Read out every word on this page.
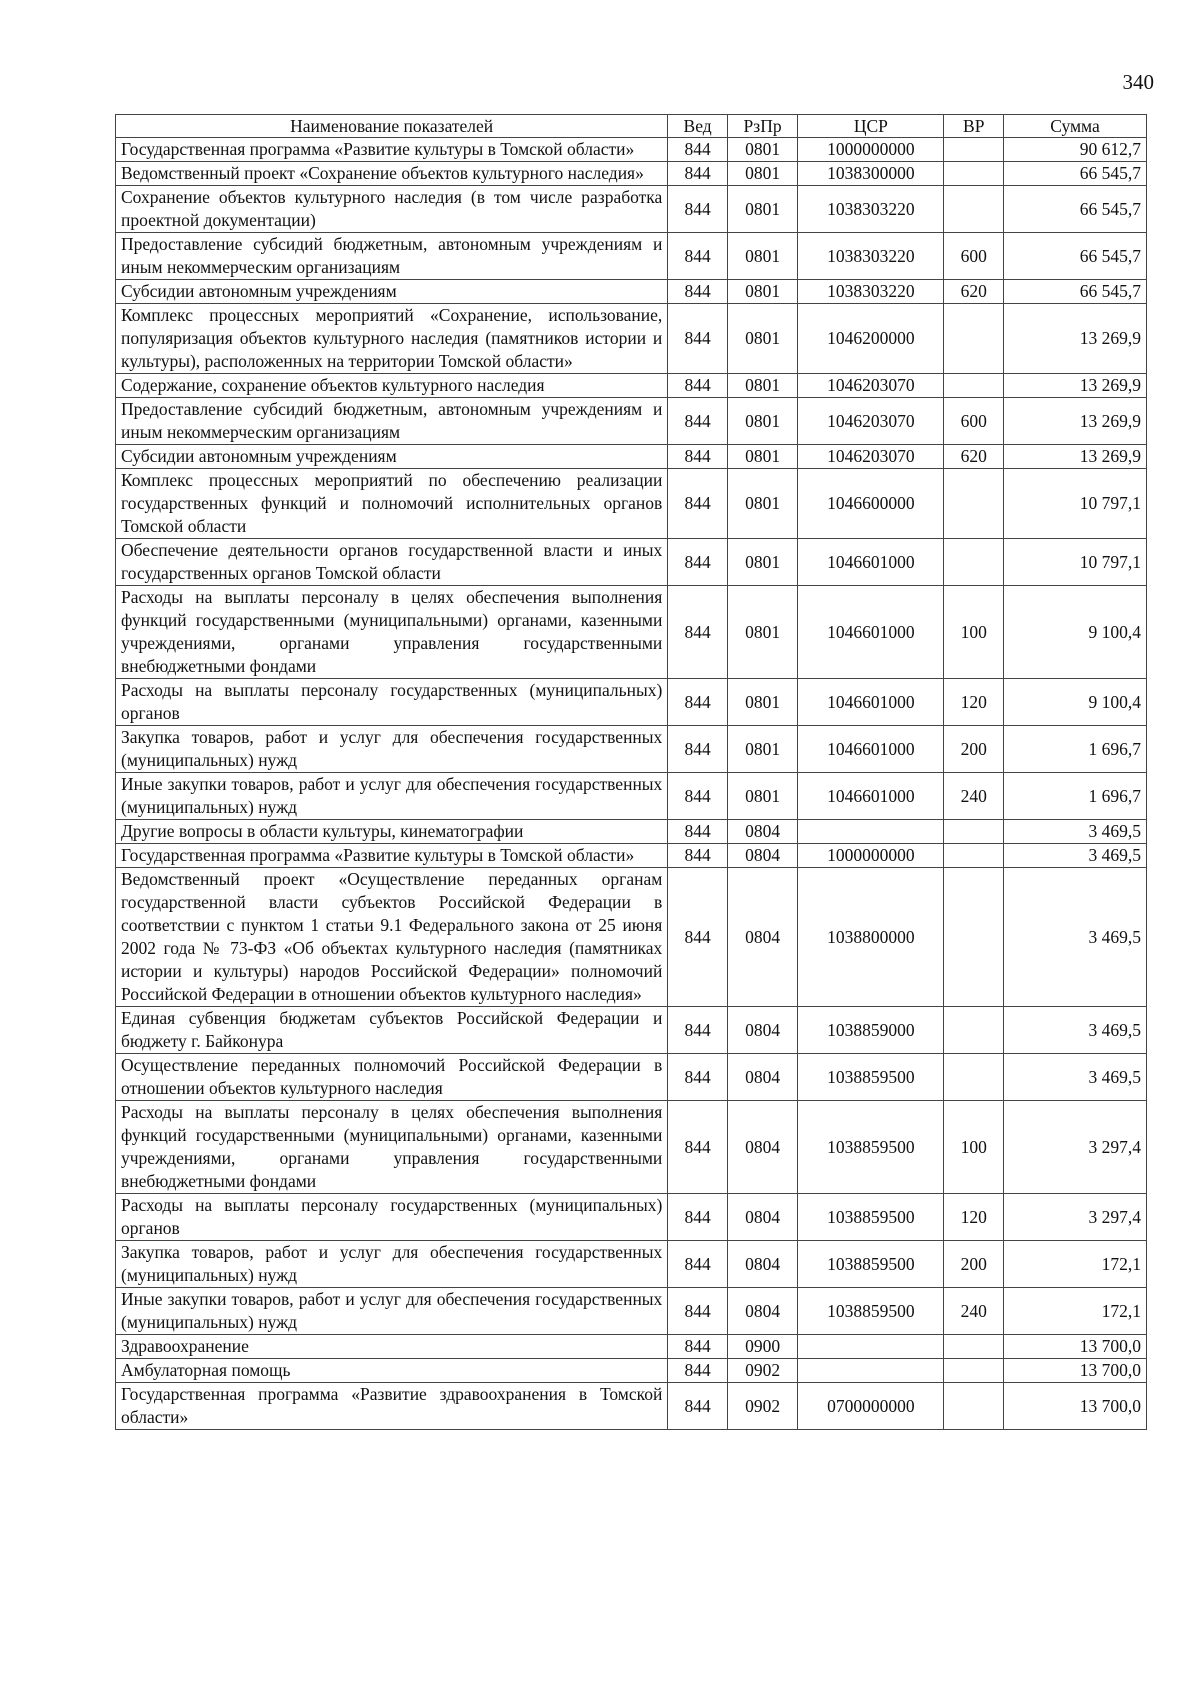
340
Наименование показателей	Вед	РзПр	ЦСР	ВР	Сумма
Государственная программа «Развитие культуры в Томской области»	844	0801	1000000000		90 612,7
Ведомственный проект «Сохранение объектов культурного наследия»	844	0801	1038300000		66 545,7
Сохранение объектов культурного наследия (в том числе разработка проектной документации)	844	0801	1038303220		66 545,7
Предоставление субсидий бюджетным, автономным учреждениям и иным некоммерческим организациям	844	0801	1038303220	600	66 545,7
Субсидии автономным учреждениям	844	0801	1038303220	620	66 545,7
Комплекс процессных мероприятий «Сохранение, использование, популяризация объектов культурного наследия (памятников истории и культуры), расположенных на территории Томской области»	844	0801	1046200000		13 269,9
Содержание, сохранение объектов культурного наследия	844	0801	1046203070		13 269,9
Предоставление субсидий бюджетным, автономным учреждениям и иным некоммерческим организациям	844	0801	1046203070	600	13 269,9
Субсидии автономным учреждениям	844	0801	1046203070	620	13 269,9
Комплекс процессных мероприятий по обеспечению реализации государственных функций и полномочий исполнительных органов Томской области	844	0801	1046600000		10 797,1
Обеспечение деятельности органов государственной власти и иных государственных органов Томской области	844	0801	1046601000		10 797,1
Расходы на выплаты персоналу в целях обеспечения выполнения функций государственными (муниципальными) органами, казенными учреждениями, органами управления государственными внебюджетными фондами	844	0801	1046601000	100	9 100,4
Расходы на выплаты персоналу государственных (муниципальных) органов	844	0801	1046601000	120	9 100,4
Закупка товаров, работ и услуг для обеспечения государственных (муниципальных) нужд	844	0801	1046601000	200	1 696,7
Иные закупки товаров, работ и услуг для обеспечения государственных (муниципальных) нужд	844	0801	1046601000	240	1 696,7
Другие вопросы в области культуры, кинематографии	844	0804			3 469,5
Государственная программа «Развитие культуры в Томской области»	844	0804	1000000000		3 469,5
Ведомственный проект «Осуществление переданных органам государственной власти субъектов Российской Федерации в соответствии с пунктом 1 статьи 9.1 Федерального закона от 25 июня 2002 года № 73-ФЗ «Об объектах культурного наследия (памятниках истории и культуры) народов Российской Федерации» полномочий Российской Федерации в отношении объектов культурного наследия»	844	0804	1038800000		3 469,5
Единая субвенция бюджетам субъектов Российской Федерации и бюджету г. Байконура	844	0804	1038859000		3 469,5
Осуществление переданных полномочий Российской Федерации в отношении объектов культурного наследия	844	0804	1038859500		3 469,5
Расходы на выплаты персоналу в целях обеспечения выполнения функций государственными (муниципальными) органами, казенными учреждениями, органами управления государственными внебюджетными фондами	844	0804	1038859500	100	3 297,4
Расходы на выплаты персоналу государственных (муниципальных) органов	844	0804	1038859500	120	3 297,4
Закупка товаров, работ и услуг для обеспечения государственных (муниципальных) нужд	844	0804	1038859500	200	172,1
Иные закупки товаров, работ и услуг для обеспечения государственных (муниципальных) нужд	844	0804	1038859500	240	172,1
Здравоохранение	844	0900			13 700,0
Амбулаторная помощь	844	0902			13 700,0
Государственная программа «Развитие здравоохранения в Томской области»	844	0902	0700000000		13 700,0
